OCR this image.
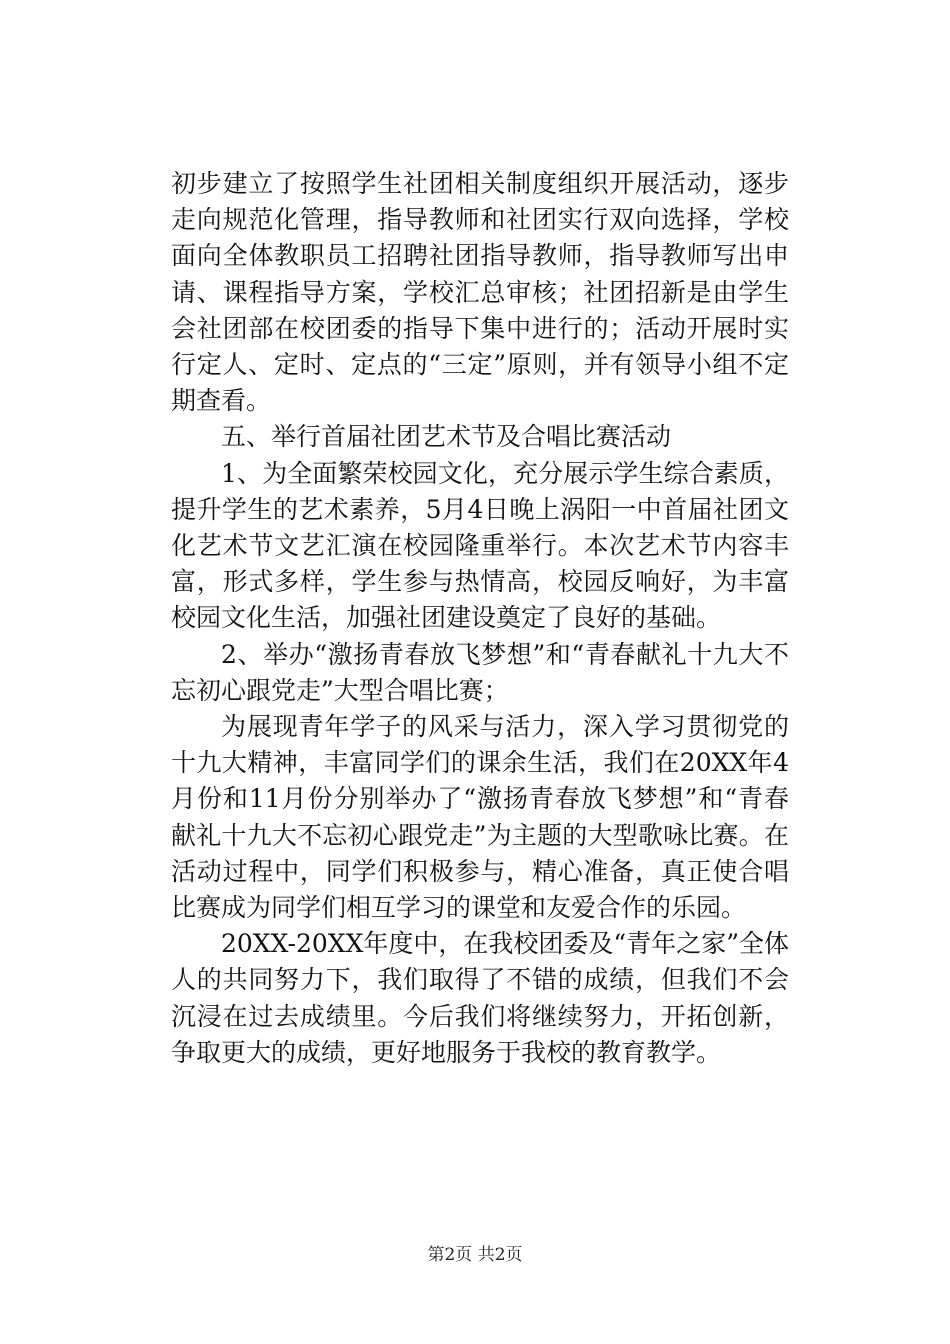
初步建立了按照学生社团相关制度组织开展活动，逐步走向规范化管理，指导教师和社团实行双向选择，学校面向全体教职员工招聘社团指导教师，指导教师写出申请、课程指导方案，学校汇总审核；社团招新是由学生会社团部在校团委的指导下集中进行的；活动开展时实行定人、定时、定点的“三定”原则，并有领导小组不定期查看。

五、举行首届社团艺术节及合唱比赛活动

1、为全面繁荣校园文化，充分展示学生综合素质，提升学生的艺术素养，5月4日晚上涡阳一中首届社团文化艺术节文艺汇演在校园隆重举行。本次艺术节内容丰富，形式多样，学生参与热情高，校园反响好，为丰富校园文化生活，加强社团建设奠定了良好的基础。

2、举办“激扬青春放飞梦想”和“青春献礼十九大不忘初心跟党走”大型合唱比赛；

为展现青年学子的风采与活力，深入学习贯彻党的十九大精神，丰富同学们的课余生活，我们在20XX年4月份和11月份分别举办了“激扬青春放飞梦想”和“青春献礼十九大不忘初心跟党走”为主题的大型歌咏比赛。在活动过程中，同学们积极参与，精心准备，真正使合唱比赛成为同学们相互学习的课堂和友爱合作的乐园。

20XX-20XX年度中，在我校团委及“青年之家”全体人的共同努力下，我们取得了不错的成绩，但我们不会沉浸在过去成绩里。今后我们将继续努力，开拓创新，争取更大的成绩，更好地服务于我校的教育教学。

第2页 共2页
